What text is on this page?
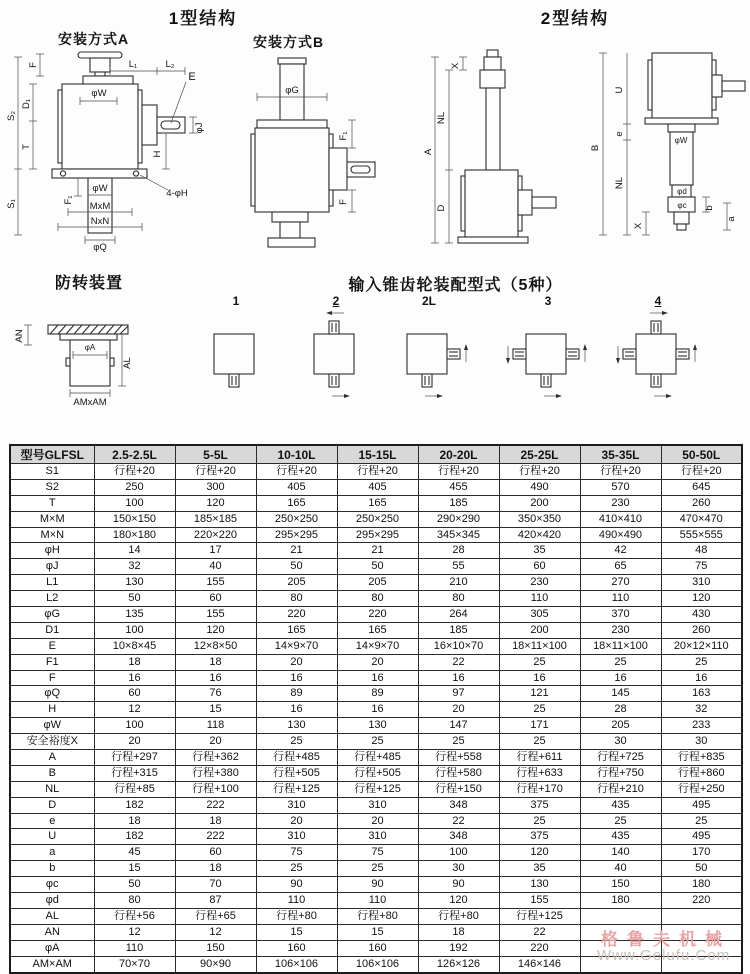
1型结构	2型结构
安装方式A	安装方式B
防转装置	输入锥齿轮装配型式（5种）
S₂
S₁
D₁
T
F	L₁	L₂
E
φW
φJ
H
4-φH
F₁
φW
MxM
NxN
φQ
φG
F₁
F
A
X
NL
D
B
U
e
NL
φW
φd
φc b
a
X
AN
φA
AL
AMxAM
1	2	2L	3	4
型号GLFSL	2.5-2.5L	5-5L	10-10L	15-15L	20-20L	25-25L	35-35L	50-50L
S1	行程+20	行程+20	行程+20	行程+20	行程+20	行程+20	行程+20	行程+20
S2	250	300	405	405	455	490	570	645
T	100	120	165	165	185	200	230	260
M×M	150×150	185×185	250×250	250×250	290×290	350×350	410×410	470×470
M×N	180×180	220×220	295×295	295×295	345×345	420×420	490×490	555×555
φH	14	17	21	21	28	35	42	48
φJ	32	40	50	50	55	60	65	75
L1	130	155	205	205	210	230	270	310
L2	50	60	80	80	80	110	110	120
φG	135	155	220	220	264	305	370	430
D1	100	120	165	165	185	200	230	260
E	10×8×45	12×8×50	14×9×70	14×9×70	16×10×70	18×11×100	18×11×100	20×12×110
F1	18	18	20	20	22	25	25	25
F	16	16	16	16	16	16	16	16
φQ	60	76	89	89	97	121	145	163
H	12	15	16	16	20	25	28	32
φW	100	118	130	130	147	171	205	233
安全裕度X	20	20	25	25	25	25	30	30
A	行程+297	行程+362	行程+485	行程+485	行程+558	行程+611	行程+725	行程+835
B	行程+315	行程+380	行程+505	行程+505	行程+580	行程+633	行程+750	行程+860
NL	行程+85	行程+100	行程+125	行程+125	行程+150	行程+170	行程+210	行程+250
D	182	222	310	310	348	375	435	495
e	18	18	20	20	22	25	25	25
U	182	222	310	310	348	375	435	495
a	45	60	75	75	100	120	140	170
b	15	18	25	25	30	35	40	50
φc	50	70	90	90	90	130	150	180
φd	80	87	110	110	120	155	180	220
AL	行程+56	行程+65	行程+80	行程+80	行程+80	行程+125		
AN	12	12	15	15	18	22		
φA	110	150	160	160	192	220		
AM×AM	70×70	90×90	106×106	106×106	126×126	146×146		
格鲁夫机械
Www.Gelufu.Com
